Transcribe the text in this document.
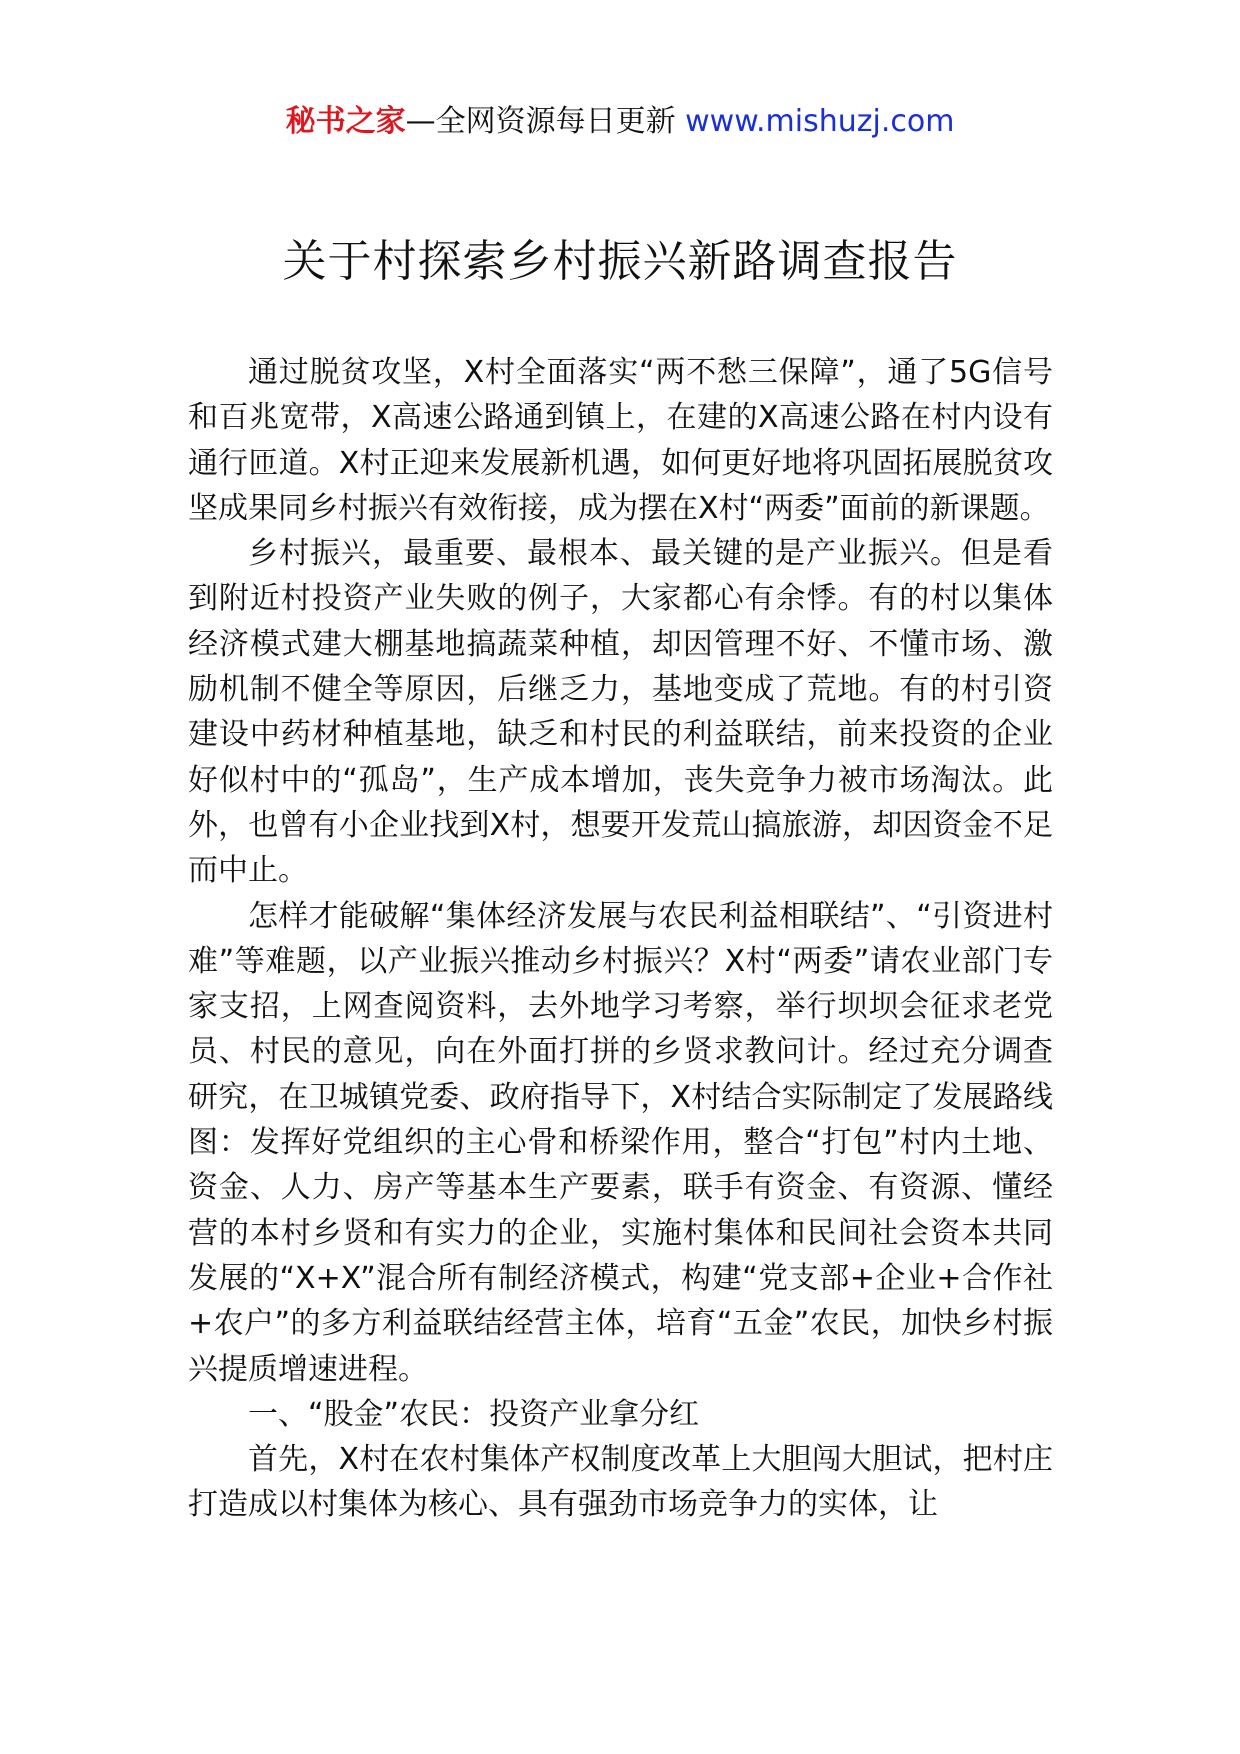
秘书之家—全网资源每日更新 www.mishuzj.com
关于村探索乡村振兴新路调查报告

通过脱贫攻坚，X村全面落实“两不愁三保障”，通了5G信号和百兆宽带，X高速公路通到镇上，在建的X高速公路在村内设有通行匝道。X村正迎来发展新机遇，如何更好地将巩固拓展脱贫攻坚成果同乡村振兴有效衔接，成为摆在X村“两委”面前的新课题。

乡村振兴，最重要、最根本、最关键的是产业振兴。但是看到附近村投资产业失败的例子，大家都心有余悸。有的村以集体经济模式建大棚基地搞蔬菜种植，却因管理不好、不懂市场、激励机制不健全等原因，后继乏力，基地变成了荒地。有的村引资建设中药材种植基地，缺乏和村民的利益联结，前来投资的企业好似村中的“孤岛”，生产成本增加，丧失竞争力被市场淘汰。此外，也曾有小企业找到X村，想要开发荒山搞旅游，却因资金不足而中止。

怎样才能破解“集体经济发展与农民利益相联结”、“引资进村难”等难题，以产业振兴推动乡村振兴？X村“两委”请农业部门专家支招，上网查阅资料，去外地学习考察，举行坝坝会征求老党员、村民的意见，向在外面打拼的乡贤求教问计。经过充分调查研究，在卫城镇党委、政府指导下，X村结合实际制定了发展路线图：发挥好党组织的主心骨和桥梁作用，整合“打包”村内土地、资金、人力、房产等基本生产要素，联手有资金、有资源、懂经营的本村乡贤和有实力的企业，实施村集体和民间社会资本共同发展的“X+X”混合所有制经济模式，构建“党支部+企业+合作社+农户”的多方利益联结经营主体，培育“五金”农民，加快乡村振兴提质增速进程。

一、“股金”农民：投资产业拿分红

首先，X村在农村集体产权制度改革上大胆闯大胆试，把村庄打造成以村集体为核心、具有强劲市场竞争力的实体，让
